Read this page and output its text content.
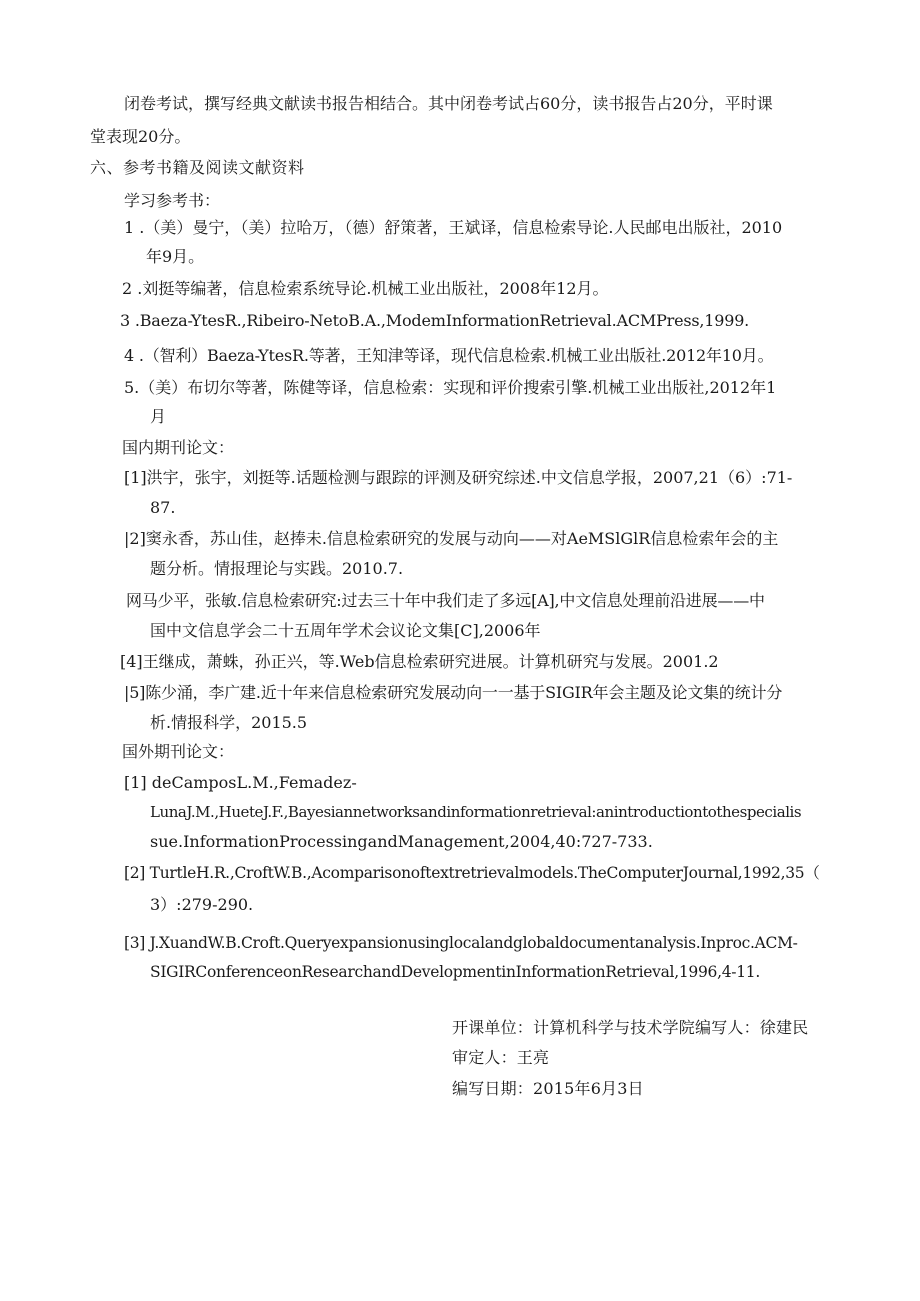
闭卷考试，撰写经典文献读书报告相结合。其中闭卷考试占60分，读书报告占20分，平时课
堂表现20分。
六、参考书籍及阅读文献资料
学习参考书：
1 .（美）曼宁，（美）拉哈万，（德）舒策著，王斌译，信息检索导论.人民邮电出版社，2010
年9月。
2 .刘挺等编著，信息检索系统导论.机械工业出版社，2008年12月。
3 .Baeza-YtesR.,Ribeiro-NetoB.A.,ModemInformationRetrieval.ACMPress,1999.
4 .（智利）Baeza-YtesR.等著，王知津等译，现代信息检索.机械工业出版社.2012年10月。
5.（美）布切尔等著，陈健等译，信息检索：实现和评价搜索引擎.机械工业出版社,2012年1
月
国内期刊论文：
[1]洪宇，张宇，刘挺等.话题检测与跟踪的评测及研究综述.中文信息学报，2007,21（6）:71-
87.
|2]窦永香，苏山佳，赵捧未.信息检索研究的发展与动向——对AeMSlGlR信息检索年会的主
题分析。情报理论与实践。2010.7.
网马少平，张敏.信息检索研究:过去三十年中我们走了多远[A],中文信息处理前沿进展——中
国中文信息学会二十五周年学术会议论文集[C],2006年
[4]王继成，萧蛛，孙正兴，等.Web信息检索研究进展。计算机研究与发展。2001.2
|5]陈少涌，李广建.近十年来信息检索研究发展动向一一基于SIGIR年会主题及论文集的统计分
析.情报科学，2015.5
国外期刊论文：
[1] deCamposL.M.,Femadez-
LunaJ.M.,HueteJ.F.,Bayesiannetworksandinformationretrieval:anintroductiontothespecialis
sue.InformationProcessingandManagement,2004,40:727-733.
[2] TurtleH.R.,CroftW.B.,Acomparisonoftextretrievalmodels.TheComputerJournal,1992,35（
3）:279-290.
[3] J.XuandW.B.Croft.Queryexpansionusinglocalandglobaldocumentanalysis.Inproc.ACM-
SIGIRConferenceonResearchandDevelopmentinInformationRetrieval,1996,4-11.
开课单位：计算机科学与技术学院编写人：徐建民
审定人：王亮
编写日期：2015年6月3日
